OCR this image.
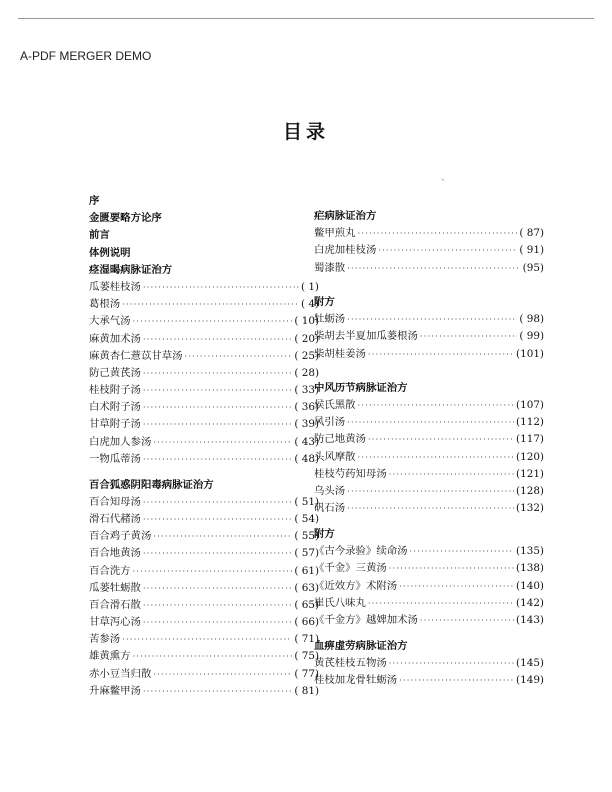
A-PDF MERGER DEMO
目录
、
序
金匮要略方论序
前言
体例说明
痉湿暍病脉证治方
瓜蒌桂枝汤 ·····	( 1)
葛根汤 ·····	( 4)
大承气汤 ·····	( 10)
麻黄加术汤 ·····	( 20)
麻黄杏仁薏苡甘草汤 ·····	( 25)
防己黄芪汤 ·····	( 28)
桂枝附子汤 ·····	( 33)
白术附子汤 ·····	( 36)
甘草附子汤 ·····	( 39)
白虎加人参汤 ·····	( 43)
一物瓜蒂汤 ·····	( 48)
百合狐惑阴阳毒病脉证治方
百合知母汤 ·····	( 51)
滑石代赭汤 ·····	( 54)
百合鸡子黄汤 ·····	( 55)
百合地黄汤 ·····	( 57)
百合洗方 ·····	( 61)
瓜蒌牡蛎散 ·····	( 63)
百合滑石散 ·····	( 65)
甘草泻心汤 ·····	( 66)
苦参汤 ·····	( 71)
雄黄熏方 ·····	( 75)
赤小豆当归散 ·····	( 77)
升麻鳖甲汤 ·····	( 81)
疟病脉证治方
鳖甲煎丸 ·····	( 87)
白虎加桂枝汤 ·····	( 91)
蜀漆散 ·····	(95)
附方
牡蛎汤 ·····	( 98)
柴胡去半夏加瓜蒌根汤 ·····	( 99)
柴胡桂姜汤 ·····	(101)
中风历节病脉证治方
侯氏黑散 ·····	(107)
风引汤 ·····	(112)
防己地黄汤 ·····	(117)
头风摩散 ·····	(120)
桂枝芍药知母汤 ·····	(121)
乌头汤 ·····	(128)
矾石汤 ·····	(132)
附方
《古今录验》续命汤 ·····	(135)
《千金》三黄汤 ·····	(138)
《近效方》术附汤 ·····	(140)
崔氏八味丸 ·····	(142)
《千金方》越婢加术汤 ·····	(143)
血痹虚劳病脉证治方
黄芪桂枝五物汤 ·····	(145)
桂枝加龙骨牡蛎汤 ·····	(149)
